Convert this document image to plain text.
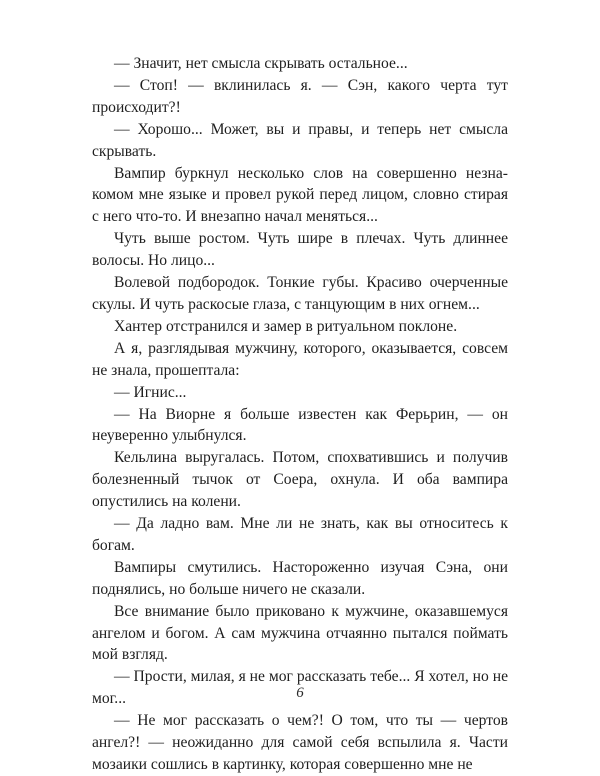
— Значит, нет смысла скрывать остальное...

— Стоп! — вклинилась я. — Сэн, какого черта тут происходит?!

— Хорошо... Может, вы и правы, и теперь нет смысла скрывать.

Вампир буркнул несколько слов на совершенно незнакомом мне языке и провел рукой перед лицом, словно стирая с него что-то. И внезапно начал меняться...

Чуть выше ростом. Чуть шире в плечах. Чуть длиннее волосы. Но лицо...

Волевой подбородок. Тонкие губы. Красиво очерченные скулы. И чуть раскосые глаза, с танцующим в них огнем...

Хантер отстранился и замер в ритуальном поклоне.

А я, разглядывая мужчину, которого, оказывается, совсем не знала, прошептала:

— Игнис...

— На Виорне я больше известен как Ферьрин, — он неуверенно улыбнулся.

Кельлина выругалась. Потом, спохватившись и получив болезненный тычок от Соера, охнула. И оба вампира опустились на колени.

— Да ладно вам. Мне ли не знать, как вы относитесь к богам.

Вампиры смутились. Настороженно изучая Сэна, они поднялись, но больше ничего не сказали.

Все внимание было приковано к мужчине, оказавшемуся ангелом и богом. А сам мужчина отчаянно пытался поймать мой взгляд.

— Прости, милая, я не мог рассказать тебе... Я хотел, но не мог...

— Не мог рассказать о чем?! О том, что ты — чертов ангел?! — неожиданно для самой себя вспылила я. Части мозаики сошлись в картинку, которая совершенно мне не

6
